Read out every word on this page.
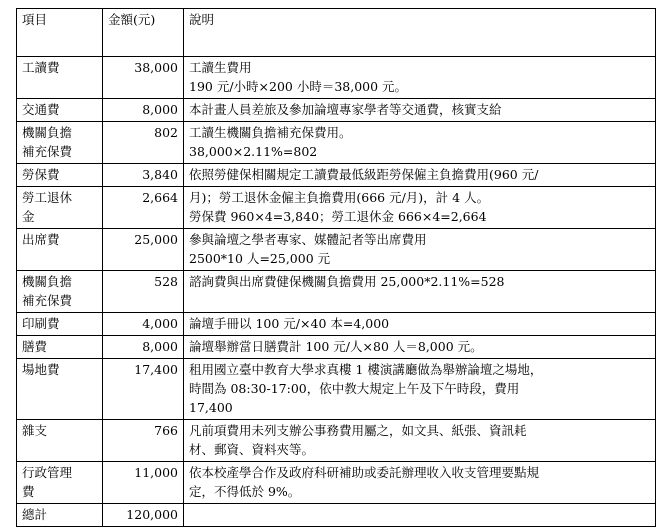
項目	金額(元)	說明

工讀費	38,000	工讀生費用
190 元/小時×200 小時＝38,000 元。

交通費	8,000	本計畫人員差旅及參加論壇專家學者等交通費，核實支給

機關負擔
補充保費	802	工讀生機關負擔補充保費用。
38,000×2.11%=802

勞保費	3,840	依照勞健保相關規定工讀費最低級距勞保僱主負擔費用(960 元/

勞工退休
金	2,664	月)；勞工退休金僱主負擔費用(666 元/月)，計 4 人。
勞保費 960×4=3,840；勞工退休金 666×4=2,664

出席費	25,000	參與論壇之學者專家、媒體記者等出席費用
2500*10 人=25,000 元

機關負擔
補充保費	528	諮詢費與出席費健保機關負擔費用 25,000*2.11%=528

印刷費	4,000	論壇手冊以 100 元/×40 本=4,000

膳費	8,000	論壇舉辦當日膳費計 100 元/人×80 人＝8,000 元。

場地費	17,400	租用國立臺中教育大學求真樓 1 樓演講廳做為舉辦論壇之場地，
時間為 08:30-17:00，依中教大規定上午及下午時段，費用
17,400

雜支	766	凡前項費用未列支辦公事務費用屬之，如文具、紙張、資訊耗
材、郵資、資料夾等。

行政管理
費	11,000	依本校產學合作及政府科研補助或委託辦理收入收支管理要點規
定，不得低於 9%。

總計	120,000	
